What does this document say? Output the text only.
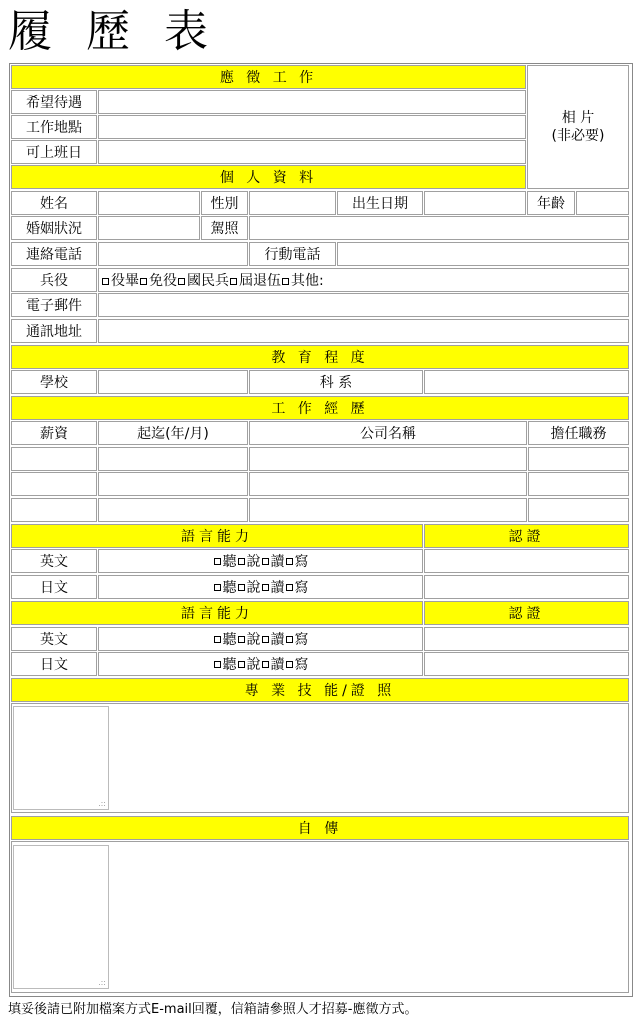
履 歷 表
應 徵 工 作
相 片
(非必要)
希望待遇
工作地點
可上班日
個 人 資 料
姓名	性別	出生日期	年齡
婚姻狀況	駕照
連絡電話	行動電話
兵役	役畢 免役 國民兵 屆退伍 其他:
電子郵件
通訊地址
教 育 程 度
學校	科 系
工 作 經 歷
薪資	起迄(年/月)	公司名稱	擔任職務
語言能力	認證
英文	聽 說 讀 寫
日文	聽 說 讀 寫
語言能力	認證
英文	聽 說 讀 寫
日文	聽 說 讀 寫
專 業 技 能/證 照
.::
自 傳
.::
填妥後請已附加檔案方式E-mail回覆，信箱請參照人才招募-應徵方式。
